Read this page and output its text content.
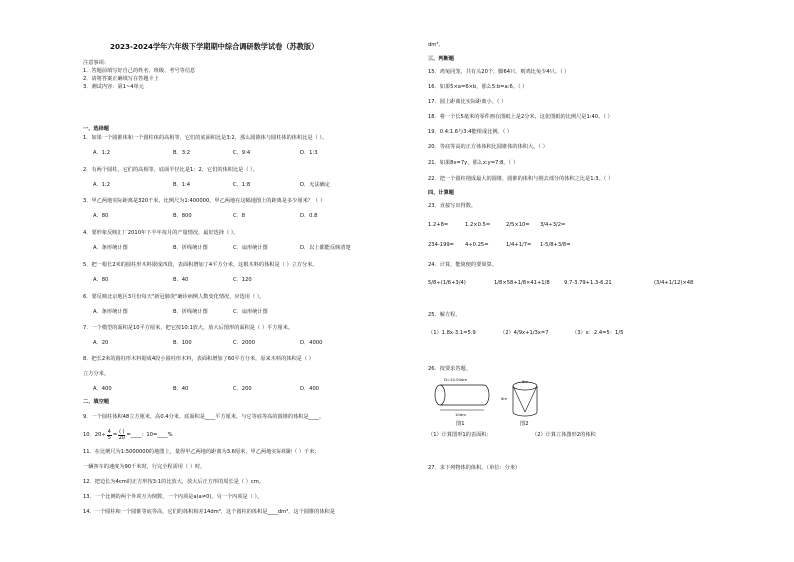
2023-2024学年六年级下学期期中综合调研数学试卷（苏教版）
注意事项：
1．答题前填写好自己的姓名、班级、考号等信息
2．请将答案正确填写在答题卡上
3．测试内容：第1~4单元
一、选择题
1．如果一个圆锥体和一个圆柱体的高相等，它们的底面积比是3:2，那么圆锥体与圆柱体的体积比是（ ）。
A．1:2	B．3:2	C．9:4	D．1:3
2．有两个圆柱，它们的高相等，底面半径比是1：2，它们的体积比是（ ）。
A．1:2	B．1:4	C．1:8	D．无法确定
3．甲乙两地实际距离是320千米，比例尺为1:400000，甲乙两地在这幅地图上的距离是多少厘米？（ ）
A．80	B．800	C．8	D．0.8
4．要形象反映汇厂2010年下半年每月的产量情况，最好选择（ ）。
A．条形统计图	B．折线统计图	C．扇形统计图	D．以上都能反映清楚
5．把一根长2米的圆柱形木料锯成四段，表面积增加了4平方分米，这根木料的体积是（ ）立方分米。
A．80	B．40	C．120
6．要反映北京地区3月份每天"新冠肺炎"确诊病例人数变化情况，应选用（ ）。
A．条形统计图	B．折线统计图	C．扇形统计图
7．一个模型的面积是10平方厘米，把它按10:1放大，放大后图形的面积是（ ）平方厘米。
A．20	B．100	C．2000	D．4000
8．把长2米的圆柱形木料锯成4段小圆柱形木料，表面积增加了60平方分米，原来木料的体积是（ ）
立方分米。
A．400	B．40	C．200	D．400
二、填空题
9．一个圆柱体积48立方厘米，高0.4分米，底面积是____平方厘米，与它等底等高的圆锥的体积是____。
10．$20\div \frac{4}{5} = \frac{( )}{20}$ =____：10=____%
11．在比例尺为1:5000000的地图上，量得甲乙两地的距离为3.6厘米，甲乙两地实际相距（ ）千米；
一辆客车的速度为90千米时，行完全程需用（ ）时。
12．把边长为4cm的正方形按3:1的比放大，放大后正方形的周长是（ ）cm。
13．一个比例的两个外项互为倒数，一个内项是a(a≠0)，另一个内项是（ ）。
14．一个圆柱和一个圆锥等底等高，它们的体积相差14dm³，这个圆柱的体积是____dm³，这个圆锥的体积是
dm³。
三、判断题
15．鸡兔同笼，共有头20个，脚64只，则鸡比兔少4只。（ ）
16．如果5×a=6×b，那么5:b=a:6。（ ）
17．圆上距离比实际距离小。（ ）
18．将一个长5毫米的零件画在图纸上是2分米，这张图纸的比例尺是1:40。（ ）
19．0.4:1.6与3:4能组成比例。（ ）
20．等底等高的正方体体积比圆锥体的体积大。（ ）
21．如果8x=7y，那么x:y=7:8。（ ）
22．把一个圆柱削成最大的圆锥，圆锥的体积与削去部分的体积之比是1:3。（ ）
四、计算题
23．直接写出得数。
1.2+8=	1.2×0.5=	2/5×10= 3/4÷3/2=
234-199= 4÷0.25=	1/4+1/7= 1-5/8+3/8=
24．计算，能简便的要简算。
5/8÷(1/6+3/4)	1/8×58+1/8×41+1/8	9.7-3.79+1.3-6.21	(3/4+1/12)×48
25．解方程。
（1）1.8x-3.1=5.9	（2）4/9x+1/3x=7	（3）x：2.4=5：1/5
26．按要求答题。
D=10.04dm
10dm
6m
6m
图1	图2
（1）计算图形1的表面积：	（2）计算立体图形2的体积
27．求下列物体的体积。（单位：分米）
